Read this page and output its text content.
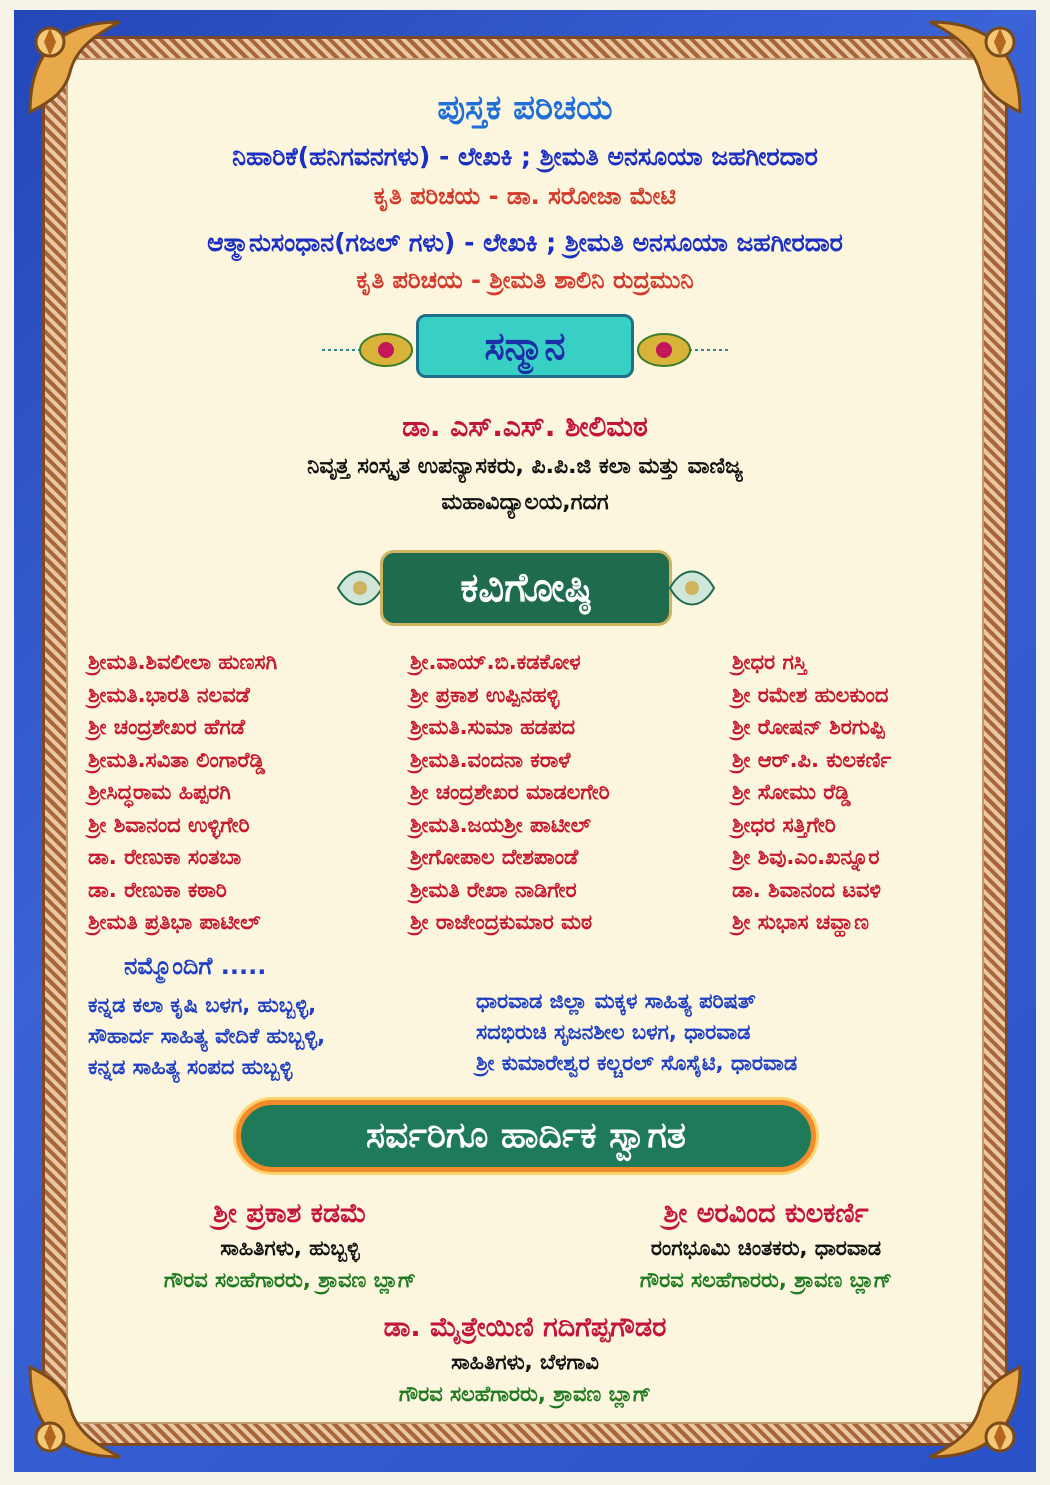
ಪುಸ್ತಕ ಪರಿಚಯ
ನಿಹಾರಿಕೆ(ಹನಿಗವನಗಳು) - ಲೇಖಕಿ ; ಶ್ರೀಮತಿ ಅನಸೂಯಾ ಜಹಗೀರದಾರ
ಕೃತಿ ಪರಿಚಯ - ಡಾ. ಸರೋಜಾ ಮೇಟಿ
ಆತ್ಮಾನುಸಂಧಾನ(ಗಜಲ್ ಗಳು) - ಲೇಖಕಿ ; ಶ್ರೀಮತಿ ಅನಸೂಯಾ ಜಹಗೀರದಾರ
ಕೃತಿ ಪರಿಚಯ - ಶ್ರೀಮತಿ ಶಾಲಿನಿ ರುದ್ರಮುನಿ
ಸನ್ಮಾನ
ಡಾ. ಎಸ್.ಎಸ್. ಶೀಲಿಮಠ
ನಿವೃತ್ತ ಸಂಸ್ಕೃತ ಉಪನ್ಯಾಸಕರು, ಪಿ.ಪಿ.ಜಿ ಕಲಾ ಮತ್ತು ವಾಣಿಜ್ಯ
ಮಹಾವಿದ್ಯಾಲಯ,ಗದಗ
ಕವಿಗೋಷ್ಠಿ
ಶ್ರೀಮತಿ.ಶಿವಲೀಲಾ ಹುಣಸಗಿ
ಶ್ರೀಮತಿ.ಭಾರತಿ ನಲವಡೆ
ಶ್ರೀ ಚಂದ್ರಶೇಖರ ಹೆಗಡೆ
ಶ್ರೀಮತಿ.ಸವಿತಾ ಲಿಂಗಾರೆಡ್ಡಿ
ಶ್ರೀಸಿದ್ಧರಾಮ ಹಿಪ್ಪರಗಿ
ಶ್ರೀ ಶಿವಾನಂದ ಉಳ್ಳಿಗೇರಿ
ಡಾ. ರೇಣುಕಾ ಸಂತಬಾ
ಡಾ. ರೇಣುಕಾ ಕಠಾರಿ
ಶ್ರೀಮತಿ ಪ್ರತಿಭಾ ಪಾಟೀಲ್
ಶ್ರೀ.ವಾಯ್.ಬಿ.ಕಡಕೋಳ
ಶ್ರೀ ಪ್ರಕಾಶ ಉಪ್ಪಿನಹಳ್ಳಿ
ಶ್ರೀಮತಿ.ಸುಮಾ ಹಡಪದ
ಶ್ರೀಮತಿ.ವಂದನಾ ಕರಾಳೆ
ಶ್ರೀ ಚಂದ್ರಶೇಖರ ಮಾಡಲಗೇರಿ
ಶ್ರೀಮತಿ.ಜಯಶ್ರೀ ಪಾಟೀಲ್
ಶ್ರೀಗೋಪಾಲ ದೇಶಪಾಂಡೆ
ಶ್ರೀಮತಿ ರೇಖಾ ನಾಡಿಗೇರ
ಶ್ರೀ ರಾಜೇಂದ್ರಕುಮಾರ ಮಠ
ಶ್ರೀಧರ ಗಸ್ತಿ
ಶ್ರೀ ರಮೇಶ ಹುಲಕುಂದ
ಶ್ರೀ ರೋಷನ್ ಶಿರಗುಪ್ಪಿ
ಶ್ರೀ ಆರ್.ಪಿ. ಕುಲಕರ್ಣಿ
ಶ್ರೀ ಸೋಮು ರೆಡ್ಡಿ
ಶ್ರೀಧರ ಸತ್ತಿಗೇರಿ
ಶ್ರೀ ಶಿವು.ಎಂ.ಖನ್ನೂರ
ಡಾ. ಶಿವಾನಂದ ಟವಳಿ
ಶ್ರೀ ಸುಭಾಸ ಚವ್ಹಾಣ
ನಮ್ಮೊಂದಿಗೆ .....
ಕನ್ನಡ ಕಲಾ ಕೃಷಿ ಬಳಗ, ಹುಬ್ಬಳ್ಳಿ,
ಸೌಹಾರ್ದ ಸಾಹಿತ್ಯ ವೇದಿಕೆ ಹುಬ್ಬಳ್ಳಿ,
ಕನ್ನಡ ಸಾಹಿತ್ಯ ಸಂಪದ ಹುಬ್ಬಳ್ಳಿ
ಧಾರವಾಡ ಜಿಲ್ಲಾ ಮಕ್ಕಳ ಸಾಹಿತ್ಯ ಪರಿಷತ್
ಸದಭಿರುಚಿ ಸೃಜನಶೀಲ ಬಳಗ, ಧಾರವಾಡ
ಶ್ರೀ ಕುಮಾರೇಶ್ವರ ಕಲ್ಚರಲ್ ಸೊಸೈಟಿ, ಧಾರವಾಡ
ಸರ್ವರಿಗೂ ಹಾರ್ದಿಕ ಸ್ವಾಗತ
ಶ್ರೀ ಪ್ರಕಾಶ ಕಡಮೆ
ಸಾಹಿತಿಗಳು, ಹುಬ್ಬಳ್ಳಿ
ಗೌರವ ಸಲಹೆಗಾರರು, ಶ್ರಾವಣ ಬ್ಲಾಗ್
ಶ್ರೀ ಅರವಿಂದ ಕುಲಕರ್ಣಿ
ರಂಗಭೂಮಿ ಚಿಂತಕರು, ಧಾರವಾಡ
ಗೌರವ ಸಲಹೆಗಾರರು, ಶ್ರಾವಣ ಬ್ಲಾಗ್
ಡಾ. ಮೈತ್ರೇಯಿಣಿ ಗದಿಗೆಪ್ಪಗೌಡರ
ಸಾಹಿತಿಗಳು, ಬೆಳಗಾವಿ
ಗೌರವ ಸಲಹೆಗಾರರು, ಶ್ರಾವಣ ಬ್ಲಾಗ್
